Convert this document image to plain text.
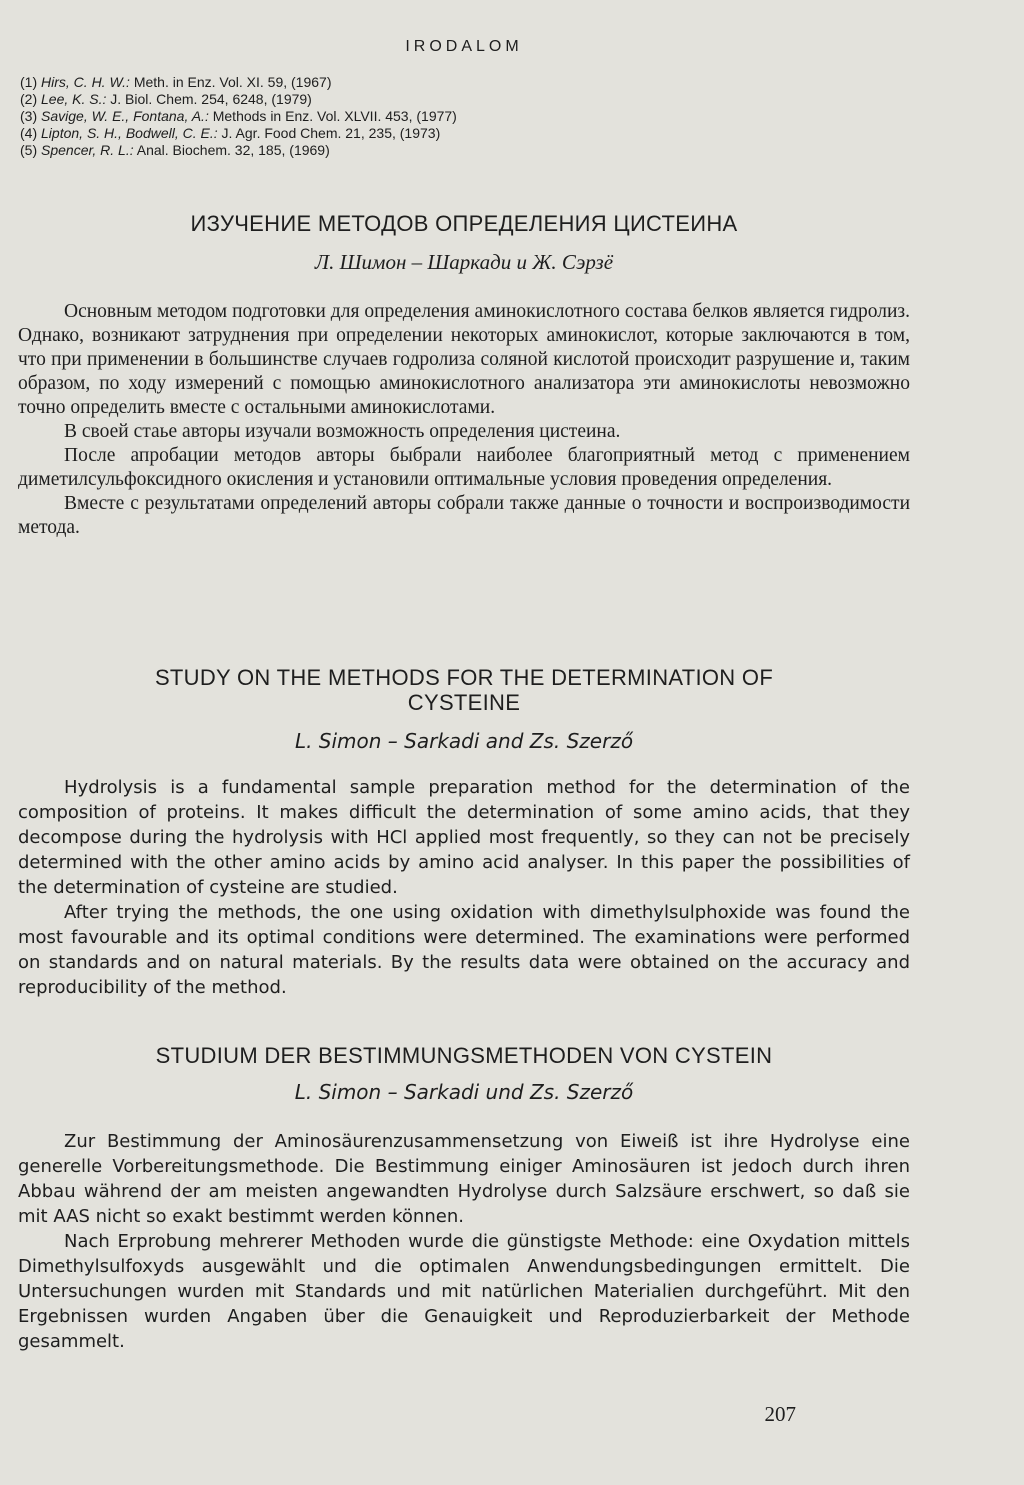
IRODALOM
(1) Hirs, C. H. W.: Meth. in Enz. Vol. XI. 59, (1967)
(2) Lee, K. S.: J. Biol. Chem. 254, 6248, (1979)
(3) Savige, W. E., Fontana, A.: Methods in Enz. Vol. XLVII. 453, (1977)
(4) Lipton, S. H., Bodwell, C. E.: J. Agr. Food Chem. 21, 235, (1973)
(5) Spencer, R. L.: Anal. Biochem. 32, 185, (1969)
ИЗУЧЕНИЕ МЕТОДОВ ОПРЕДЕЛЕНИЯ ЦИСТЕИНА
Л. Шимон – Шаркади и Ж. Сэрзё

Основным методом подготовки для определения аминокислотного состава белков является гидролиз. Однако, возникают затруднения при определении некоторых аминокислот, которые заключаются в том, что при применении в большинстве случаев годролиза соляной кислотой происходит разрушение и, таким образом, по ходу измерений с помощью аминокислотного анализатора эти аминокислоты невозможно точно определить вместе с остальными аминокислотами.

В своей стаье авторы изучали возможность определения цистеина.

После апробации методов авторы быбрали наиболее благоприятный метод с применением диметилсульфоксидного окисления и установили оптимальные условия проведения определения.

Вместе с результатами определений авторы собрали также данные о точности и воспроизводимости метода.

STUDY ON THE METHODS FOR THE DETERMINATION OF
CYSTEINE
L. Simon – Sarkadi and Zs. Szerző

Hydrolysis is a fundamental sample preparation method for the determination of the composition of proteins. It makes difficult the determination of some amino acids, that they decompose during the hydrolysis with HCl applied most frequently, so they can not be precisely determined with the other amino acids by amino acid analyser. In this paper the possibilities of the determination of cysteine are studied.

After trying the methods, the one using oxidation with dimethylsulphoxide was found the most favourable and its optimal conditions were determined. The examinations were performed on standards and on natural materials. By the results data were obtained on the accuracy and reproducibility of the method.

STUDIUM DER BESTIMMUNGSMETHODEN VON CYSTEIN
L. Simon – Sarkadi und Zs. Szerző

Zur Bestimmung der Aminosäurenzusammensetzung von Eiweiß ist ihre Hydrolyse eine generelle Vorbereitungsmethode. Die Bestimmung einiger Aminosäuren ist jedoch durch ihren Abbau während der am meisten angewandten Hydrolyse durch Salzsäure erschwert, so daß sie mit AAS nicht so exakt bestimmt werden können.

Nach Erprobung mehrerer Methoden wurde die günstigste Methode: eine Oxydation mittels Dimethylsulfoxyds ausgewählt und die optimalen Anwendungsbedingungen ermittelt. Die Untersuchungen wurden mit Standards und mit natürlichen Materialien durchgeführt. Mit den Ergebnissen wurden Angaben über die Genauigkeit und Reproduzierbarkeit der Methode gesammelt.

207
